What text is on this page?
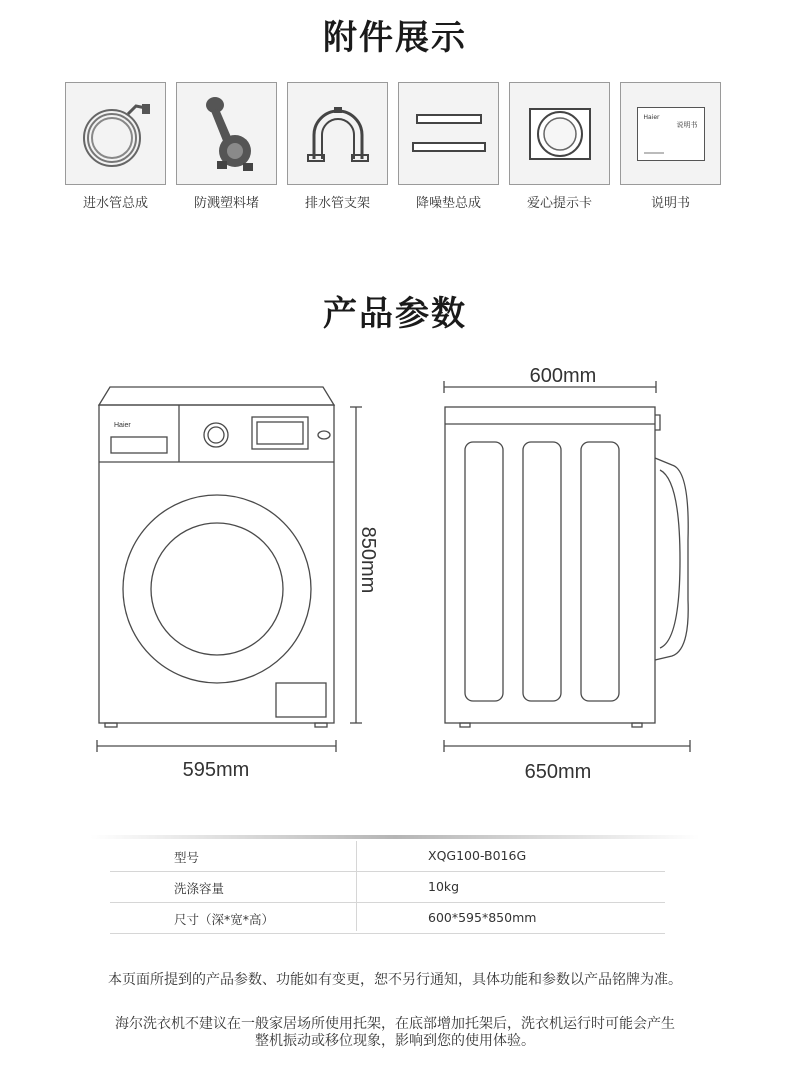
附件展示
进水管总成	防溅塑料堵	排水管支架	降噪垫总成	爱心提示卡
Haier
说明书
说明书
产品参数
Haier
595mm
600mm
650mm
850mm
型号	XQG100-B016G
洗涤容量	10kg
尺寸（深*宽*高）	600*595*850mm
本页面所提到的产品参数、功能如有变更，恕不另行通知，具体功能和参数以产品铭牌为准。
海尔洗衣机不建议在一般家居场所使用托架，在底部增加托架后，洗衣机运行时可能会产生
整机振动或移位现象，影响到您的使用体验。
